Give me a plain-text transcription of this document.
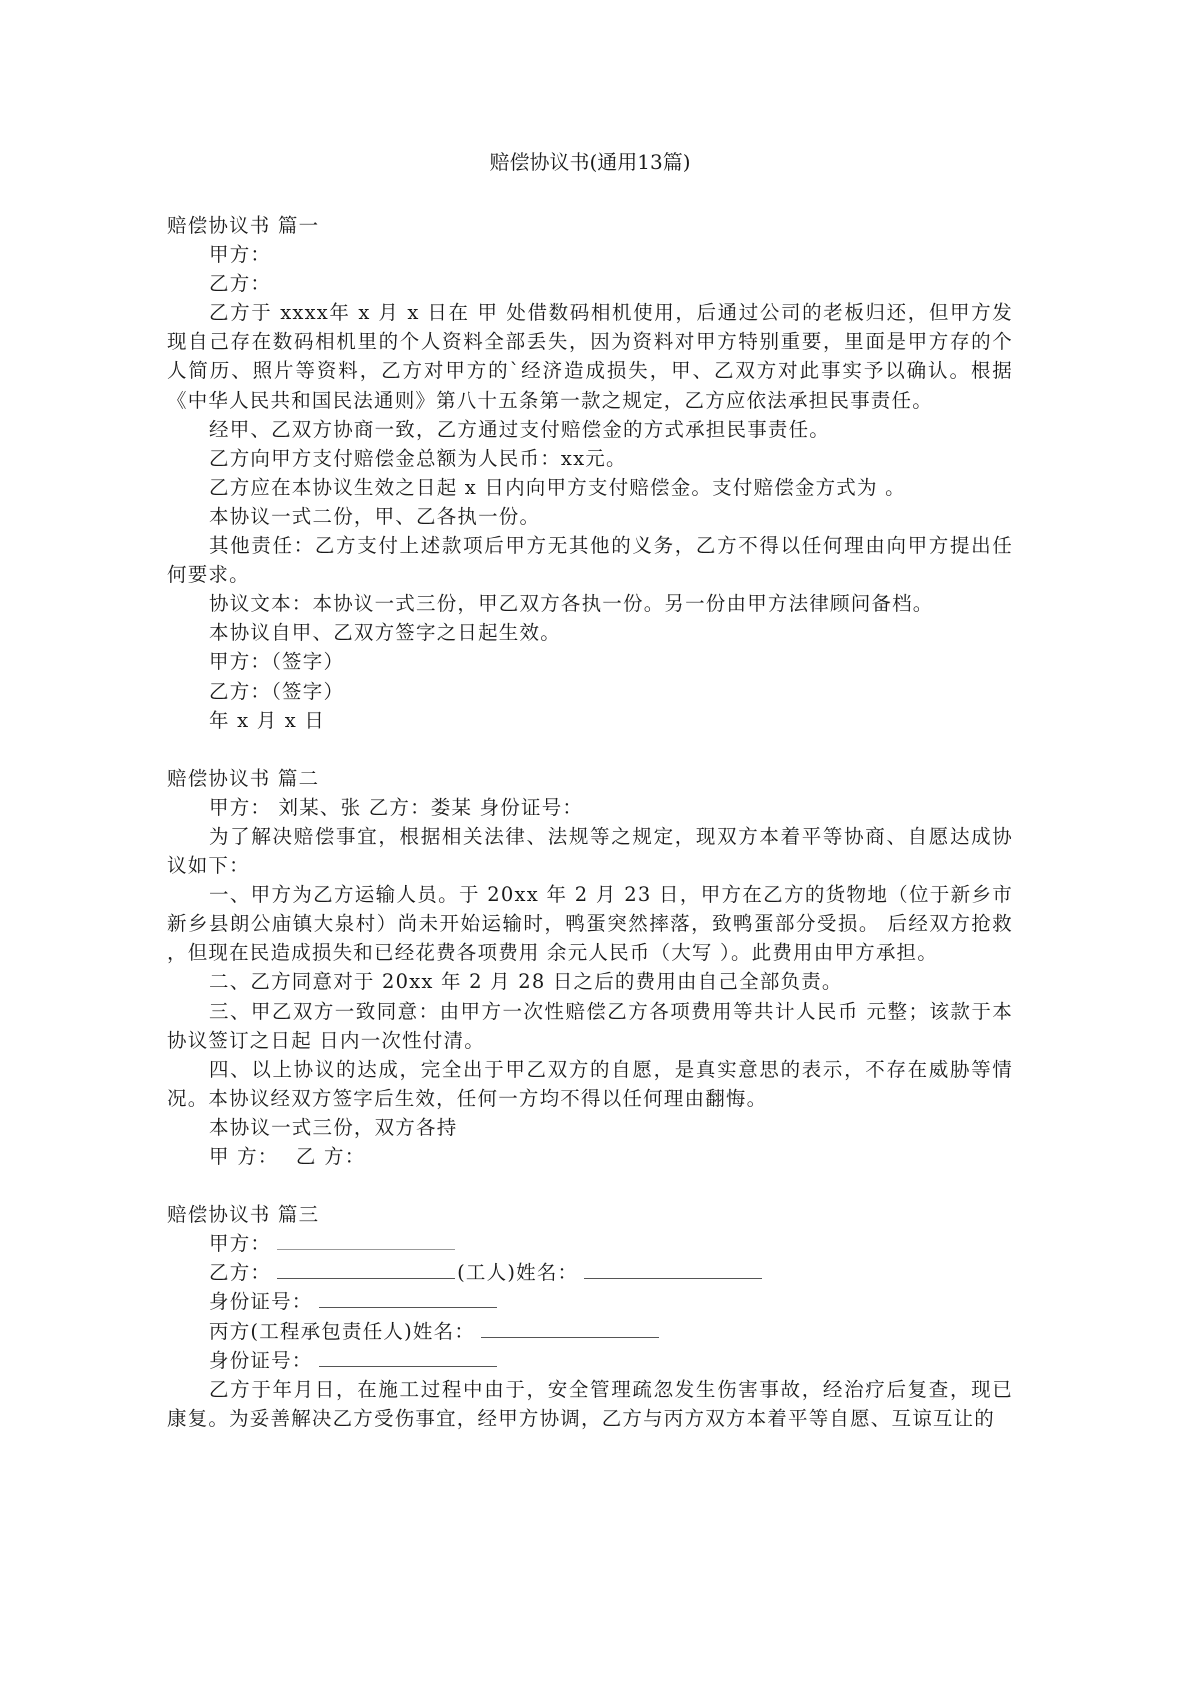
赔偿协议书(通用13篇)

赔偿协议书 篇一

甲方：

乙方：

乙方于 xxxx年 x 月 x 日在 甲 处借数码相机使用，后通过公司的老板归还，但甲方发现自己存在数码相机里的个人资料全部丢失，因为资料对甲方特别重要，里面是甲方存的个人简历、照片等资料，乙方对甲方的`经济造成损失，甲、乙双方对此事实予以确认。根据《中华人民共和国民法通则》第八十五条第一款之规定，乙方应依法承担民事责任。

经甲、乙双方协商一致，乙方通过支付赔偿金的方式承担民事责任。

乙方向甲方支付赔偿金总额为人民币：xx元。

乙方应在本协议生效之日起 x 日内向甲方支付赔偿金。支付赔偿金方式为 。

本协议一式二份，甲、乙各执一份。

其他责任：乙方支付上述款项后甲方无其他的义务，乙方不得以任何理由向甲方提出任何要求。

协议文本：本协议一式三份，甲乙双方各执一份。另一份由甲方法律顾问备档。

本协议自甲、乙双方签字之日起生效。

甲方：（签字）

乙方：（签字）

年 x 月 x 日

赔偿协议书 篇二

甲方： 刘某、张 乙方：娄某 身份证号：

为了解决赔偿事宜，根据相关法律、法规等之规定，现双方本着平等协商、自愿达成协议如下：

一、甲方为乙方运输人员。于 20xx 年 2 月 23 日，甲方在乙方的货物地（位于新乡市新乡县朗公庙镇大泉村）尚未开始运输时，鸭蛋突然摔落，致鸭蛋部分受损。 后经双方抢救 ，但现在民造成损失和已经花费各项费用 余元人民币（大写 ）。此费用由甲方承担。

二、乙方同意对于 20xx 年 2 月 28 日之后的费用由自己全部负责。

三、甲乙双方一致同意：由甲方一次性赔偿乙方各项费用等共计人民币 元整；该款于本协议签订之日起 日内一次性付清。

四、以上协议的达成，完全出于甲乙双方的自愿，是真实意思的表示，不存在威胁等情况。本协议经双方签字后生效，任何一方均不得以任何理由翻悔。

本协议一式三份，双方各持

甲 方： 乙 方：

赔偿协议书 篇三

甲方：

乙方：	(工人)姓名：

身份证号：

丙方(工程承包责任人)姓名：

身份证号：

乙方于年月日，在施工过程中由于，安全管理疏忽发生伤害事故，经治疗后复查，现已康复。为妥善解决乙方受伤事宜，经甲方协调，乙方与丙方双方本着平等自愿、互谅互让的
